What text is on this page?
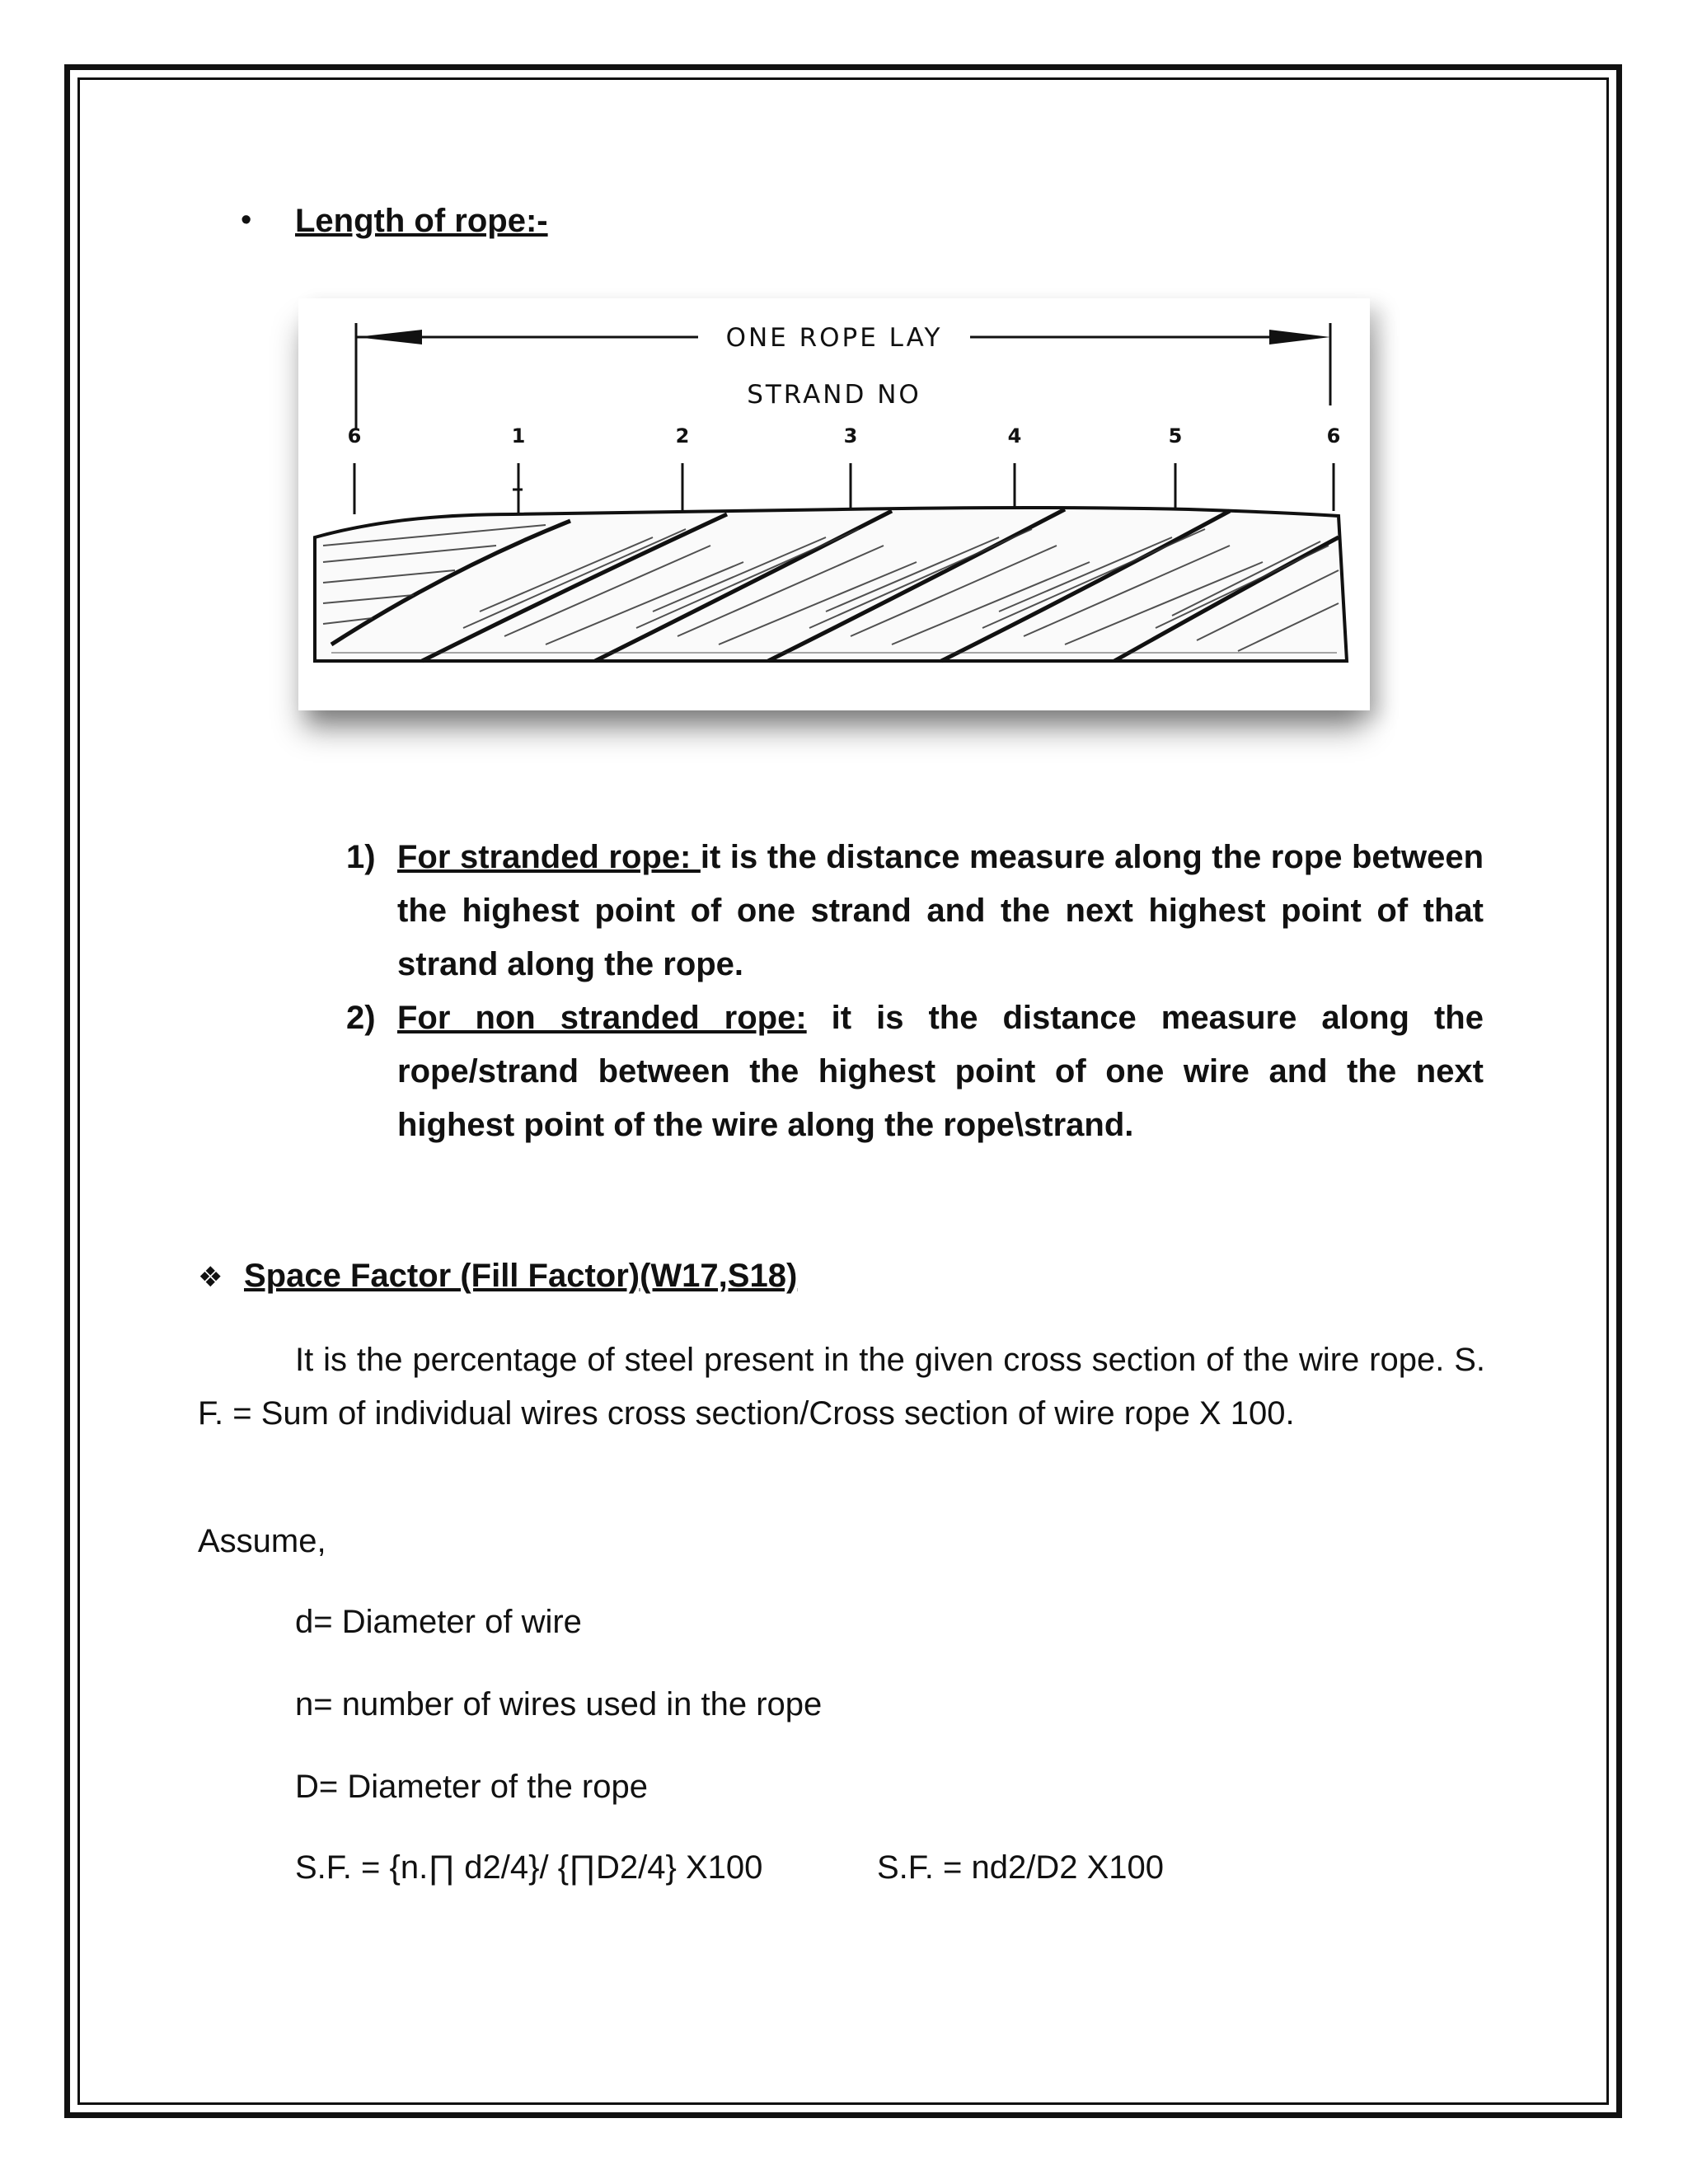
• Length of rope:-
ONE ROPE LAY
STRAND NO
6	1	2	3	4	5	6
1) For stranded rope: it is the distance measure along the rope between the highest point of one strand and the next highest point of that strand along the rope.
2) For non stranded rope: it is the distance measure along the rope/strand between the highest point of one wire and the next highest point of the wire along the rope\strand.
❖ Space Factor (Fill Factor)(W17,S18)
It is the percentage of steel present in the given cross section of the wire rope. S. F. = Sum of individual wires cross section/Cross section of wire rope X 100.
Assume,
d= Diameter of wire
n= number of wires used in the rope
D= Diameter of the rope
S.F. = {n.∏ d2/4}/ {∏D2/4} X100	S.F. = nd2/D2 X100
